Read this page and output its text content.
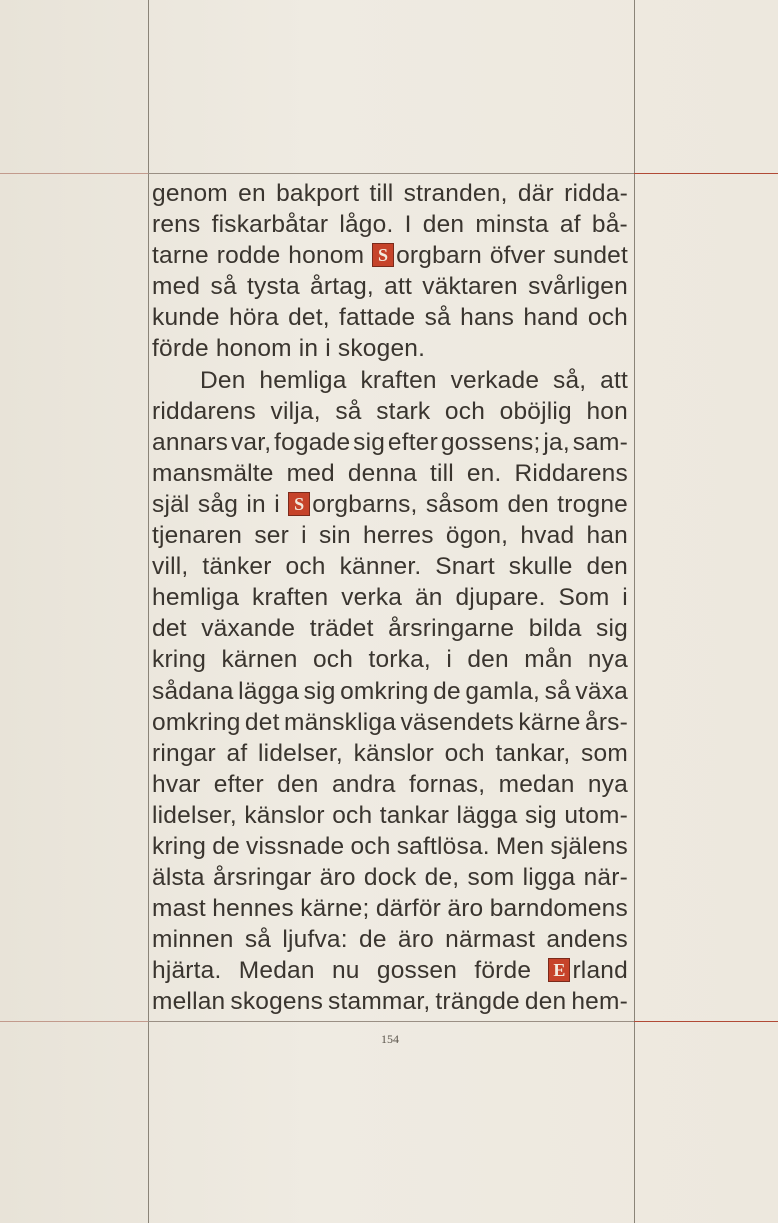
genom en bakport till stranden, där ridda-
rens fiskarbåtar lågo. I den minsta af bå-
tarne rodde honom S orgbarn öfver sundet
med så tysta årtag, att väktaren svårligen
kunde höra det, fattade så hans hand och
förde honom in i skogen.
Den hemliga kraften verkade så, att
riddarens vilja, så stark och oböjlig hon
annars var, fogade sig efter gossens; ja, sam-
mansmälte med denna till en. Riddarens
själ såg in i S orgbarns, såsom den trogne
tjenaren ser i sin herres ögon, hvad han
vill, tänker och känner. Snart skulle den
hemliga kraften verka än djupare. Som i
det växande trädet årsringarne bilda sig
kring kärnen och torka, i den mån nya
sådana lägga sig omkring de gamla, så växa
omkring det mänskliga väsendets kärne års-
ringar af lidelser, känslor och tankar, som
hvar efter den andra fornas, medan nya
lidelser, känslor och tankar lägga sig utom-
kring de vissnade och saftlösa. Men själens
älsta årsringar äro dock de, som ligga när-
mast hennes kärne; därför äro barndomens
minnen så ljufva: de äro närmast andens
hjärta. Medan nu gossen förde E rland
mellan skogens stammar, trängde den hem-
154
